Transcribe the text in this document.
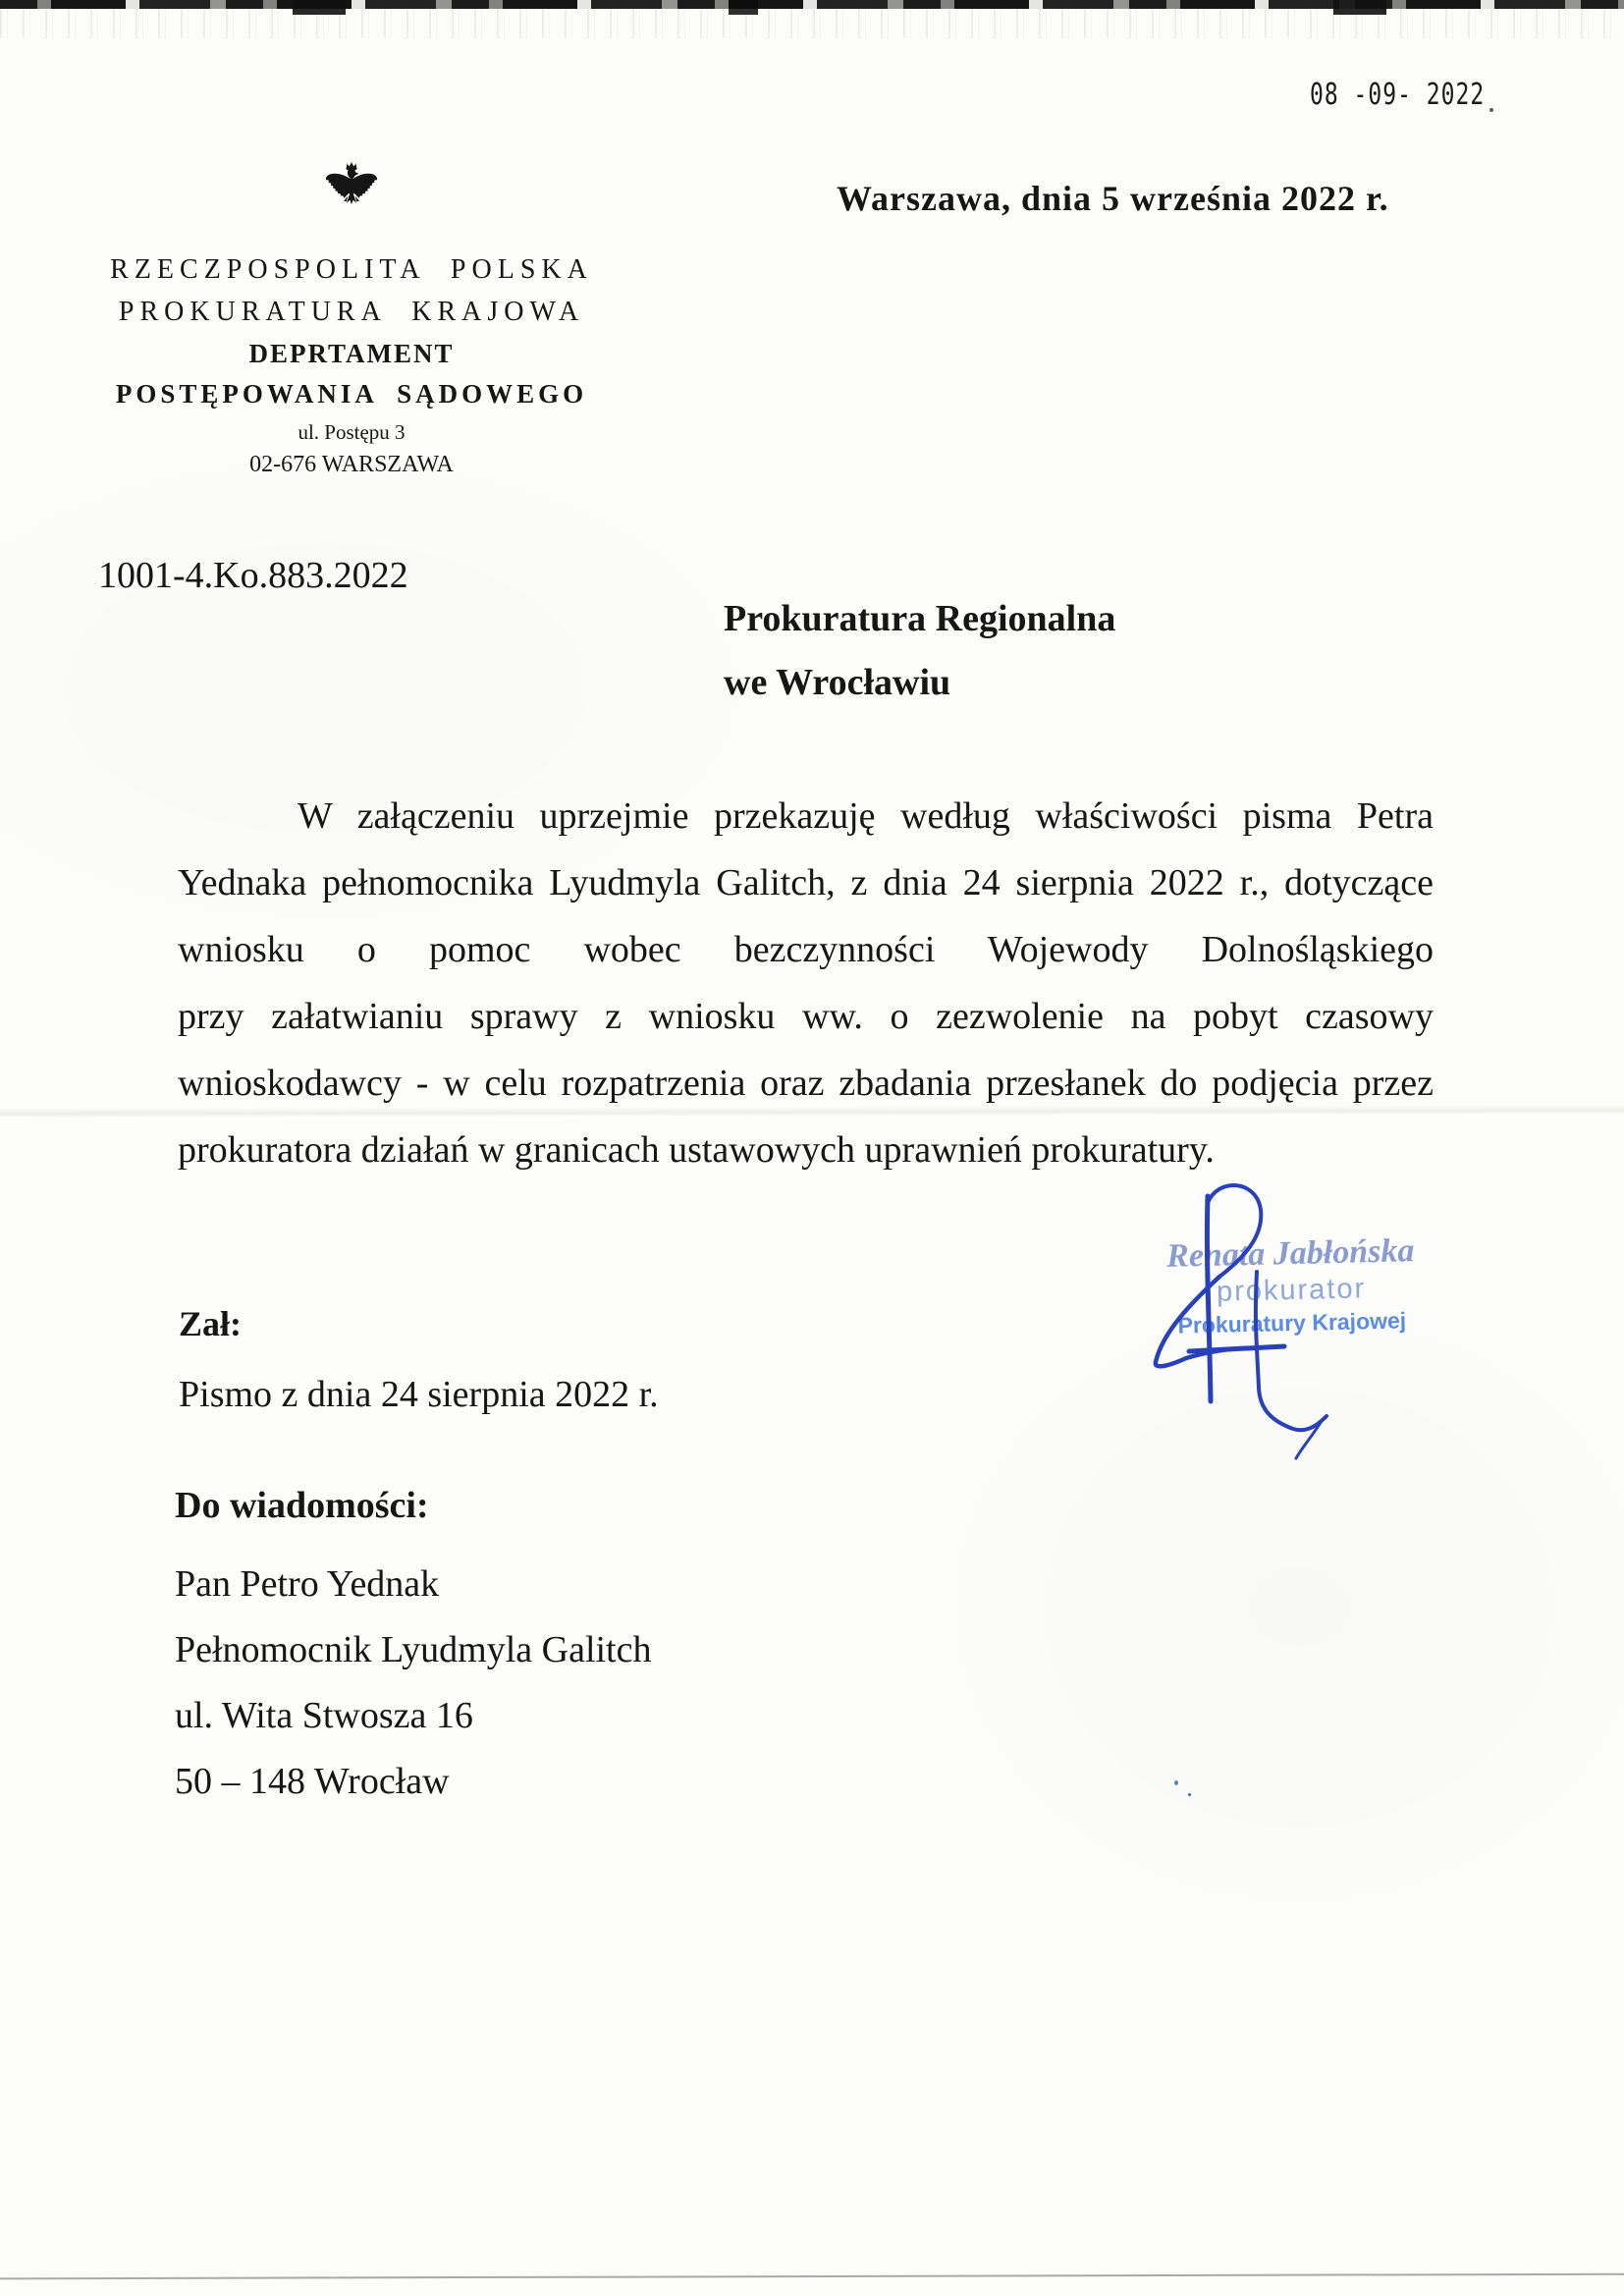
08 -09- 2022
RZECZPOSPOLITA POLSKA
PROKURATURA KRAJOWA
DEPRTAMENT
POSTĘPOWANIA SĄDOWEGO
ul. Postępu 3
02-676 WARSZAWA
Warszawa, dnia 5 września 2022 r.
1001-4.Ko.883.2022
Prokuratura Regionalna
we Wrocławiu
W załączeniu uprzejmie przekazuję według właściwości pisma Petra
Yednaka pełnomocnika Lyudmyla Galitch, z dnia 24 sierpnia 2022 r., dotyczące
wniosku o pomoc wobec bezczynności Wojewody Dolnośląskiego
przy załatwianiu sprawy z wniosku ww. o zezwolenie na pobyt czasowy
wnioskodawcy - w celu rozpatrzenia oraz zbadania przesłanek do podjęcia przez
prokuratora działań w granicach ustawowych uprawnień prokuratury.
Zał:
Pismo z dnia 24 sierpnia 2022 r.
Do wiadomości:
Pan Petro Yednak
Pełnomocnik Lyudmyla Galitch
ul. Wita Stwosza 16
50 – 148 Wrocław
Renata Jabłońska
prokurator
Prokuratury Krajowej
